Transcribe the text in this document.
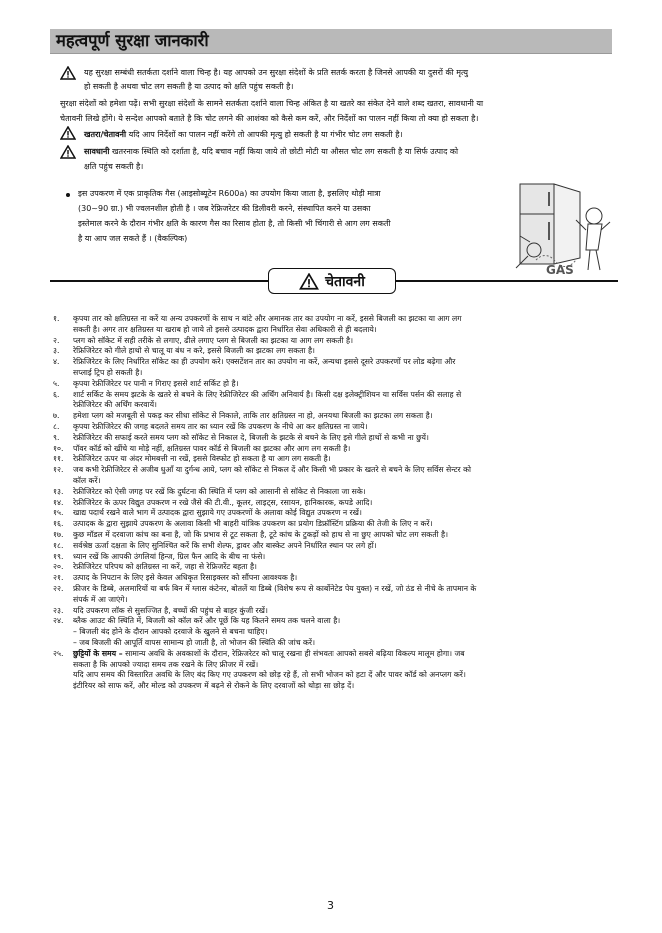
महत्वपूर्ण सुरक्षा जानकारी

यह सुरक्षा सम्बंधी सतर्कता दर्शाने वाला चिन्ह है। यह आपको उन सुरक्षा संदेशों के प्रति सतर्क करता है जिनसे आपकी या दुसरों की मृत्यु

हो सकती है अथवा चोट लग सकती है या उत्पाद को क्षति पहुंच सकती है।

सुरक्षा संदेशों को हमेशा पढ़ें। सभी सुरक्षा संदेशों के सामने सतर्कता दर्शाने वाला चिन्ह अंकित है या खतरे का संकेत देने वाले शब्द खतरा, सावधानी या

चेतावनी लिखे होंगे। ये सन्देश आपको बताते है कि चोट लगने की आशंका को कैसे कम करें, और निर्देशों का पालन नहीं किया तो क्या हो सकता है।

खतरा/चेतावनी यदि आप निर्देशों का पालन नहीं करेंगे तो आपकी मृत्यु हो सकती है या गंभीर चोट लग सकती है।

सावधानी खतरनाक स्थिति को दर्शाता है, यदि बचाव नहीं किया जाये तो छोटी मोटी या औसत चोट लग सकती है या सिर्फ उत्पाद को

क्षति पहुंच सकती है।

इस उपकरण में एक प्राकृतिक गैस (आइसोब्यूटेन R600a) का उपयोग किया जाता है, इसलिए थोड़ी मात्रा

(30~90 ग्रा.) भी ज्वलनशील होती है । जब रेफ्रिजरेटर की डिलीवरी करने, संस्थापित करने या उसका

इस्तेमाल करने के दौरान गंभीर क्षति के कारण गैस का रिसाव होता है, तो किसी भी चिंगारी से आग लग सकती

है या आप जल सकते हैं । (वैकल्पिक)

GAS
चेतावनी
१.	कृपया तार को क्षतिग्रस्त ना करें या अन्य उपकरणों के साथ न बांटे और अमानक तार का उपयोग ना करें, इससे बिजली का झटका या आग लग
सकती है। अगर तार क्षतिग्रस्त या खराब हो जाये तो इससे उत्पादक द्वारा निर्धारित सेवा अधिकारी से ही बदलाये।
२.	प्लग को सॉकेट में सही तरीके से लगाए, ढीले लगाए प्लग से बिजली का झटका या आग लग सकती है।
३.	रेफ्रिजिरेटर को गीले हाथो से चालू या बंध न करे, इससे बिजली का झटका लग सकता है।
४.	रेफ्रिजिरेटर के लिए निर्धारित सॉकेट का ही उपयोग करे। एक्सटेंशन तार का उपयोग ना करें, अन्यथा इससे दूसरे उपकरणों पर लोड बढ़ेगा और
सप्लाई ट्रिप हो सकती है।
५.	कृपया रेफ्रीजिरेटर पर पानी न गिराए इससे शार्ट सर्किट हो है।
६.	शार्ट सर्किट के समय झटके के खतरे से बचने के लिए रेफ्रीजिरेटर की अर्थिंग अनिवार्य है। किसी दक्ष इलेक्ट्रीशियन या सर्विस पर्सन की सलाह से
रेफ्रीजिरेटर की अर्थिंग करवायें।
७.	हमेशा प्लग को मजबूती से पकड़ कर सीधा सॉकेट से निकाले, ताकि तार क्षतिग्रस्त ना हो, अनयथा बिजली का झटका लग सकता है।
८.	कृपया रेफ्रीजिरेटर की जगह बदलते समय तार का ध्यान रखें कि उपकरण के नीचे आ कर क्षतिग्रस्त ना जाये।
९.	रेफ्रीजिरेटर की सफाई करते समय प्लग को सॉकेट से निकाल दे, बिजली के झटके से बचने के लिए इसे गीले हाथों से कभी ना छुयें।
१०.	पॉवर कॉर्ड को खींचे या मोड़े नहीं, क्षतिग्रस्त पावर कॉर्ड से बिजली का झटका और आग लग सकती है।
११.	रेफ्रीजिरेटर ऊपर या अंदर मोमबत्ती ना रखें, इससे विस्फोट हो सकता है या आग लग सकती है।
१२.	जब कभी रेफ्रीजिरेटर से अजीब धुआँ या दुर्गन्ध आये, प्लग को सॉकेट से निकल दें और किसी भी प्रकार के खतरे से बचने के लिए सर्विस सेन्टर को
कॉल करें।
१३.	रेफ्रीजिरेटर को ऐसी जगह पर रखें कि दुर्घटना की स्थिति में प्लग को आसानी से सॉकेट से निकाला जा सके।
१४.	रेफ्रीजिरेटर के ऊपर विद्युत उपकरण न रखे जैसे की टी.वी., कूलर, लाइट्स, रसायन, हानिकारक, कपडे आदि।
१५.	खाद्य पदार्थ रखने वाले भाग में उत्पादक द्वारा सुझाये गए उपकरणों के अलावा कोई विद्युत उपकरण न रखें।
१६.	उत्पादक के द्वारा सुझाये उपकरण के अलावा किसी भी बाहरी यांत्रिक उपकरण का प्रयोग डिफ्रॉस्टिंग प्रक्रिया की तेजी के लिए न करें।
१७.	कुछ मॉडल में दरवाजा कांच का बना है, जो कि प्रभाव से टूट सकता है, टूटे कांच के टुकड़ों को हाथ से ना छुए आपको चोट लग सकती है।
१८.	सर्वश्रेष्ठ ऊर्जा दक्षता के लिए सुनिश्चित करें कि सभी शेल्फ, ड्रावर और बास्केट अपने निर्धारित स्थान पर लगे हों।
१९.	ध्यान रखें कि आपकी उंगलियां हिन्ज, ग्रिल फैन आदि के बीच ना फंसे।
२०.	रेफ्रीजिरेटर परिपथ को क्षतिग्रस्त ना करें, जहा से रेफ्रिजरेंट बहता है।
२१.	उत्पाद के निपटान के लिए इसे केवल अधिकृत रिसाइक्लर को सौंपना आवश्यक है।
२२.	फ्रीजर के डिब्बे, अलमारियों या बर्फ बिन में ग्लास कंटेनर, बोतलें या डिब्बे (विशेष रूप से कार्बोनेटेड पेय युक्त) न रखें, जो ठंड से नीचे के तापमान के
संपर्क में आ जाएंगे।
२३.	यदि उपकरण लॉक से सुसज्जित है, बच्चों की पहुंच से बाहर कुंजी रखें।
२४.	ब्लैक आउट की स्थिति में, बिजली को कॉल करें और पूछें कि यह कितने समय तक चलने वाला है।
– बिजली बंद होने के दौरान आपको दरवाजे के खुलने से बचना चाहिए।
– जब बिजली की आपूर्ति वापस सामान्य हो जाती है, तो भोजन की स्थिति की जांच करें।
२५.	छुट्टियों के समय – सामान्य अवधि के अवकाशों के दौरान, रेफ्रिजरेटर को चालू रखना ही संभवतः आपको सबसे बढ़िया विकल्प मालूम होगा। जब
सकता है कि आपको ज्यादा समय तक रखने के लिए फ्रीजर में रखें।
यदि आप समय की विस्तारित अवधि के लिए बंद किए गए उपकरण को छोड़ रहे हैं, तो सभी भोजन को हटा दें और पावर कॉर्ड को अनप्लग करें।
इंटीरियर को साफ करें, और मोल्ड को उपकरण में बढ़ने से रोकने के लिए दरवाजों को थोड़ा सा छोड़ दें।
3
